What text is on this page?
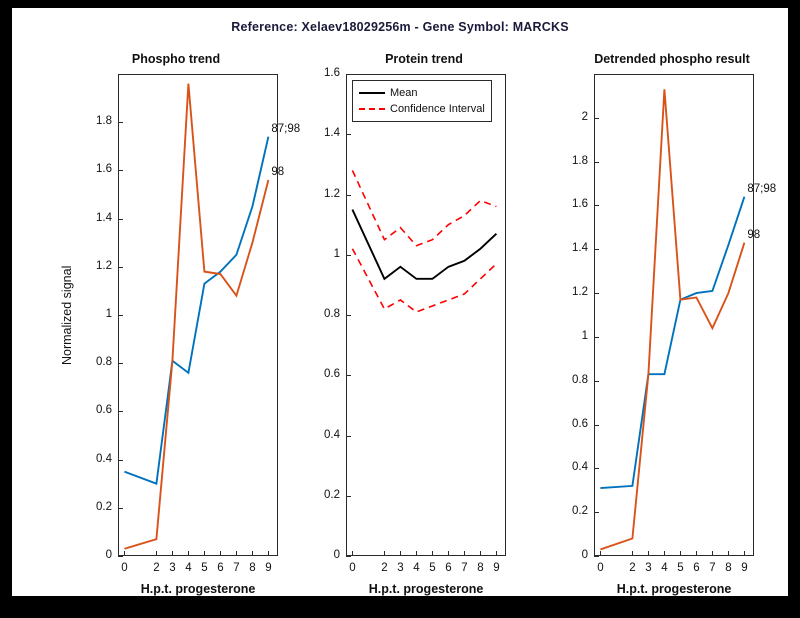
Reference: Xelaev18029256m - Gene Symbol: MARCKS
Phospho trend
Normalized signal
H.p.t. progesterone
0
0.2
0.4
0.6
0.8
1
1.2
1.4
1.6
1.8
0	2 3 4 5 6 7 8 9
87;98
98
Protein trend
H.p.t. progesterone
0
0.2
0.4
0.6
0.8
1
1.2
1.4
1.6
0	2 3 4 5 6 7 8 9
Mean
Confidence Interval
Detrended phospho result
H.p.t. progesterone
0
0.2
0.4
0.6
0.8
1
1.2
1.4
1.6
1.8
2
0	2 3 4 5 6 7 8 9
87;98
98
